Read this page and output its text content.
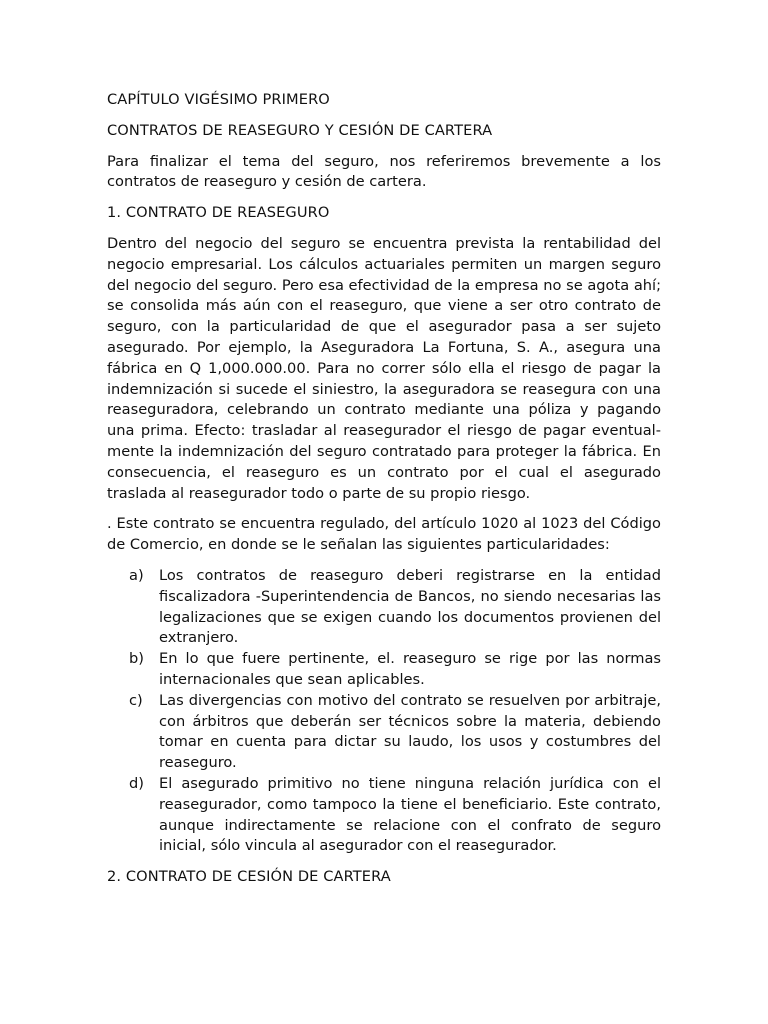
CAPÍTULO VIGÉSIMO PRIMERO

CONTRATOS DE REASEGURO Y CESIÓN DE CARTERA

Para finalizar el tema del seguro, nos referiremos brevemente a los contratos de reaseguro y cesión de cartera.

1. CONTRATO DE REASEGURO

Dentro del negocio del seguro se encuentra prevista la rentabilidad del negocio empresarial. Los cálculos actuariales permiten un margen seguro del negocio del seguro. Pero esa efectividad de la empresa no se agota ahí; se consolida más aún con el reaseguro, que viene a ser otro contrato de seguro, con la particularidad de que el asegurador pasa a ser sujeto asegurado. Por ejemplo, la Aseguradora La Fortuna, S. A., asegura una fábrica en Q 1,000.000.00. Para no correr sólo ella el riesgo de pagar la indemnización si sucede el siniestro, la aseguradora se reasegura con una reaseguradora, celebrando un contrato mediante una póliza y pagando una prima. Efecto: trasladar al reasegurador el riesgo de pagar eventual-mente la indemnización del seguro contratado para proteger la fábrica. En consecuencia, el reaseguro es un contrato por el cual el asegurado traslada al reasegurador todo o parte de su propio riesgo.

. Este contrato se encuentra regulado, del artículo 1020 al 1023 del Código de Comercio, en donde se le señalan las siguientes particularidades:

a)	Los contratos de reaseguro deberi registrarse en la entidad fiscalizadora -Superintendencia de Bancos, no siendo necesarias las legalizaciones que se exigen cuando los documentos provienen del extranjero.
b)	En lo que fuere pertinente, el. reaseguro se rige por las normas internacionales que sean aplicables.
c)	Las divergencias con motivo del contrato se resuelven por arbitraje, con árbitros que deberán ser técnicos sobre la materia, debiendo tomar en cuenta para dictar su laudo, los usos y costumbres del reaseguro.
d)	El asegurado primitivo no tiene ninguna relación jurídica con el reasegurador, como tampoco la tiene el beneficiario. Este contrato, aunque indirectamente se relacione con el confrato de seguro inicial, sólo vincula al asegurador con el reasegurador.

2. CONTRATO DE CESIÓN DE CARTERA
